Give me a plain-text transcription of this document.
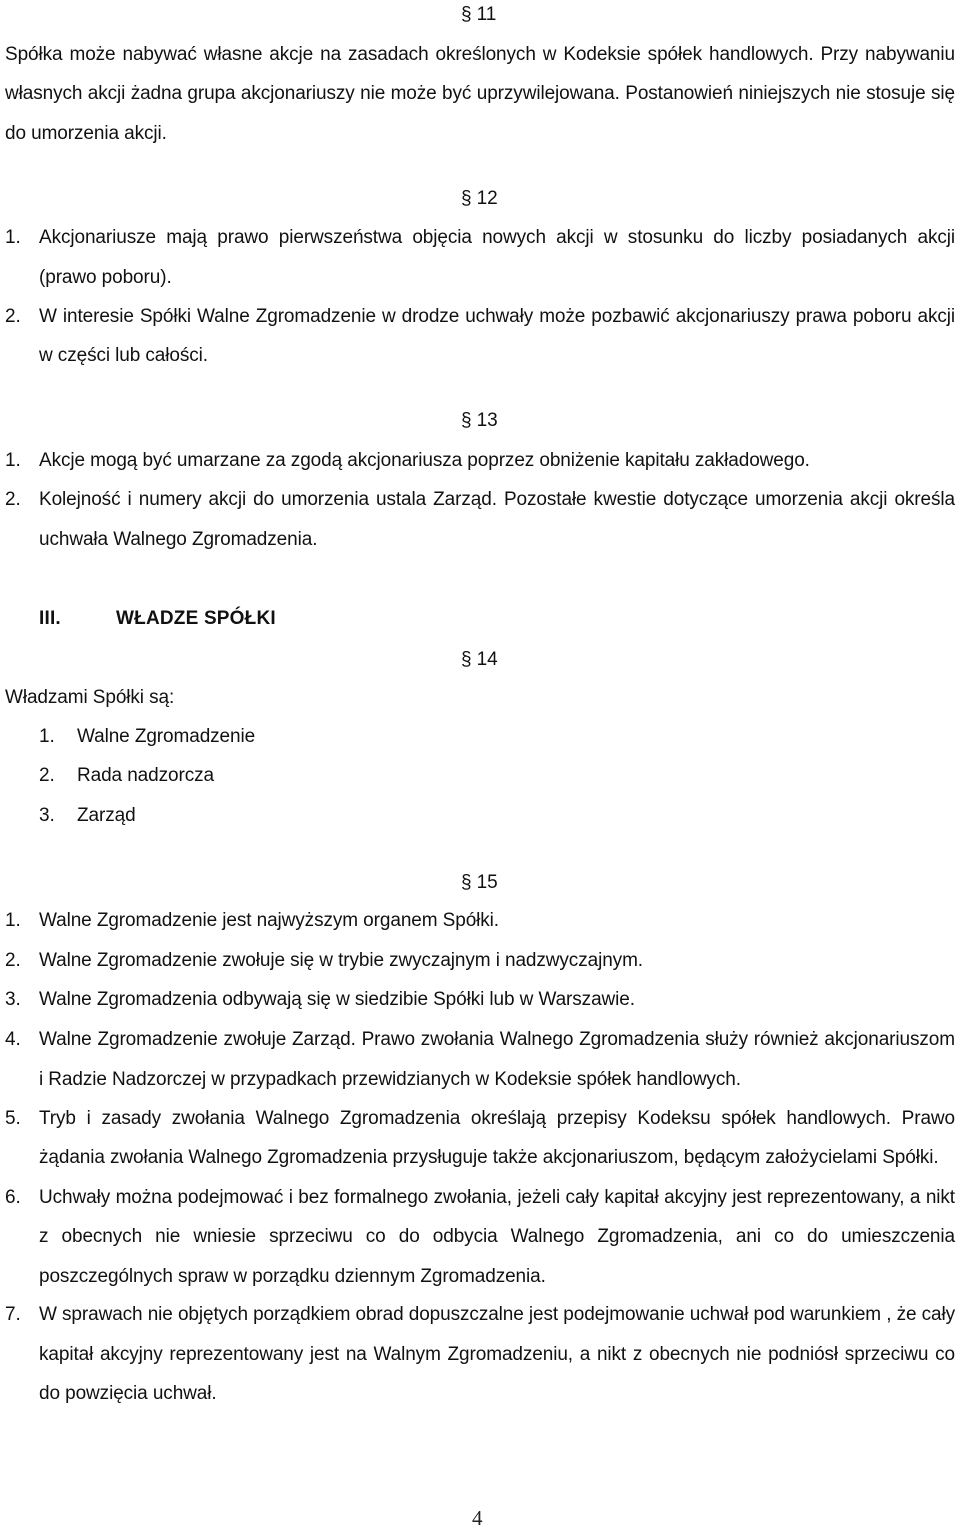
§ 11
Spółka może nabywać własne akcje na zasadach określonych w Kodeksie spółek handlowych. Przy nabywaniu
własnych akcji żadna grupa akcjonariuszy nie może być uprzywilejowana. Postanowień niniejszych nie stosuje się
do umorzenia akcji.
§ 12
1. Akcjonariusze mają prawo pierwszeństwa objęcia nowych akcji w stosunku do liczby posiadanych akcji
(prawo poboru).
2. W interesie Spółki Walne Zgromadzenie w drodze uchwały może pozbawić akcjonariuszy prawa poboru akcji
w części lub całości.
§ 13
1. Akcje mogą być umarzane za zgodą akcjonariusza poprzez obniżenie kapitału zakładowego.
2. Kolejność i numery akcji do umorzenia ustala Zarząd. Pozostałe kwestie dotyczące umorzenia akcji określa
uchwała Walnego Zgromadzenia.
III.	WŁADZE SPÓŁKI
§ 14
Władzami Spółki są:
1. Walne Zgromadzenie
2. Rada nadzorcza
3. Zarząd
§ 15
1. Walne Zgromadzenie jest najwyższym organem Spółki.
2. Walne Zgromadzenie zwołuje się w trybie zwyczajnym i nadzwyczajnym.
3. Walne Zgromadzenia odbywają się w siedzibie Spółki lub w Warszawie.
4. Walne Zgromadzenie zwołuje Zarząd. Prawo zwołania Walnego Zgromadzenia służy również akcjonariuszom
i Radzie Nadzorczej w przypadkach przewidzianych w Kodeksie spółek handlowych.
5. Tryb i zasady zwołania Walnego Zgromadzenia określają przepisy Kodeksu spółek handlowych. Prawo
żądania zwołania Walnego Zgromadzenia przysługuje także akcjonariuszom, będącym założycielami Spółki.
6. Uchwały można podejmować i bez formalnego zwołania, jeżeli cały kapitał akcyjny jest reprezentowany, a nikt
z obecnych nie wniesie sprzeciwu co do odbycia Walnego Zgromadzenia, ani co do umieszczenia
poszczególnych spraw w porządku dziennym Zgromadzenia.
7. W sprawach nie objętych porządkiem obrad dopuszczalne jest podejmowanie uchwał pod warunkiem , że cały
kapitał akcyjny reprezentowany jest na Walnym Zgromadzeniu, a nikt z obecnych nie podniósł sprzeciwu co
do powzięcia uchwał.
4
